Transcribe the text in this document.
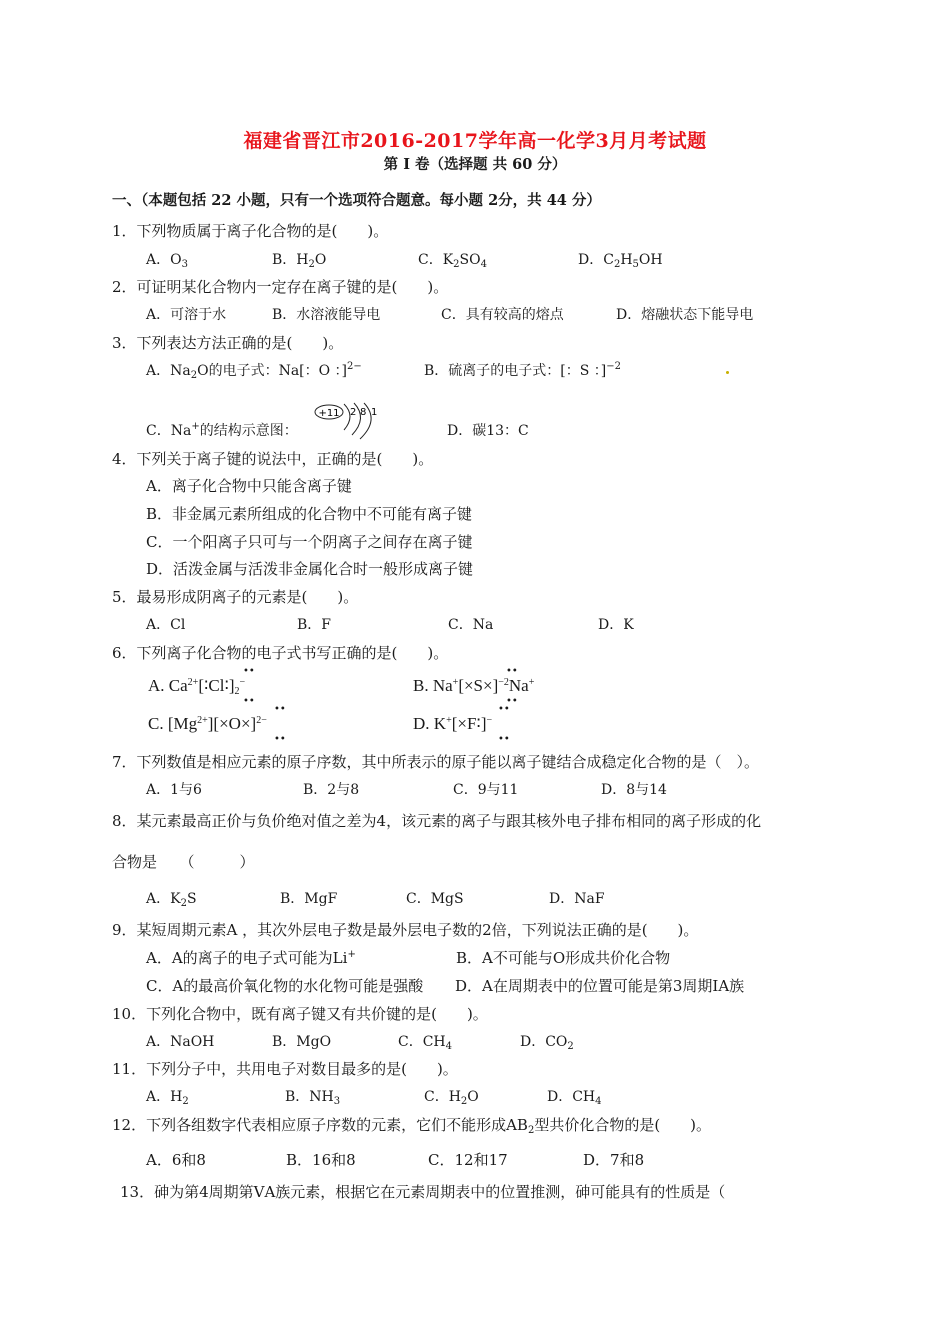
福建省晋江市2016-2017学年高一化学3月月考试题
第 I 卷（选择题 共 60 分）
一、（本题包括 22 小题，只有一个选项符合题意。每小题 2分，共 44 分）
1．下列物质属于离子化合物的是(　　)。
A．$O_3$	B．$H_2O$	C．$K_2SO_4$	D．$C_2H_5OH$
2．可证明某化合物内一定存在离子键的是(　　)。
A．可溶于水	B．水溶液能导电	C．具有较高的熔点	D．熔融状态下能导电
3．下列表达方法正确的是(　　)。
A．$Na_2O$的电子式：Na[：O ：]$^{2-}$	B．硫离子的电子式：[：S ：]$^{-2}$
C．Na+的结构示意图：
+11 2 8 1
D．碳13：C
4．下列关于离子键的说法中，正确的是(　　)。
A．离子化合物中只能含离子键
B．非金属元素所组成的化合物中不可能有离子键
C．一个阳离子只可与一个阴离子之间存在离子键
D．活泼金属与活泼非金属化合时一般形成离子键
5．最易形成阴离子的元素是(　　)。
A．Cl	B．F	C．Na	D．K
6．下列离子化合物的电子式书写正确的是(　　)。
A. $Ca^{2+}[∶Cl∶]_2^-$
••
••
B. $Na^+[\times S\times]^{-2}Na^+$
••
••
C. $[Mg^{2+}][\times O\times]^{2-}$
••
••
D. K+[×F∶]−
••
••
7．下列数值是相应元素的原子序数，其中所表示的原子能以离子键结合成稳定化合物的是（　）。
A．1与6	B．2与8	C．9与11	D．8与14
8．某元素最高正价与负价绝对值之差为4，该元素的离子与跟其核外电子排布相同的离子形成的化
合物是　　（　　　）
A．$K_2S$	B．MgF	C．MgS	D．NaF
9．某短周期元素A ，其次外层电子数是最外层电子数的2倍，下列说法正确的是(　　)。
A．A的离子的电子式可能为Li+	B．A不可能与O形成共价化合物
C．A的最高价氧化物的水化物可能是强酸 D．A在周期表中的位置可能是第3周期ⅠA族
10．下列化合物中，既有离子键又有共价键的是(　　)。
A．NaOH	B．MgO	C．$CH_4$	D．$CO_2$
11．下列分子中，共用电子对数目最多的是(　　)。
A．$H_2$	B．$NH_3$	C．$H_2O$	D．$CH_4$
12．下列各组数字代表相应原子序数的元素，它们不能形成$AB_2$型共价化合物的是(　　)。
A．6和8	B．16和8	C．12和17	D．7和8
13．砷为第4周期第ⅤA族元素，根据它在元素周期表中的位置推测，砷可能具有的性质是（
